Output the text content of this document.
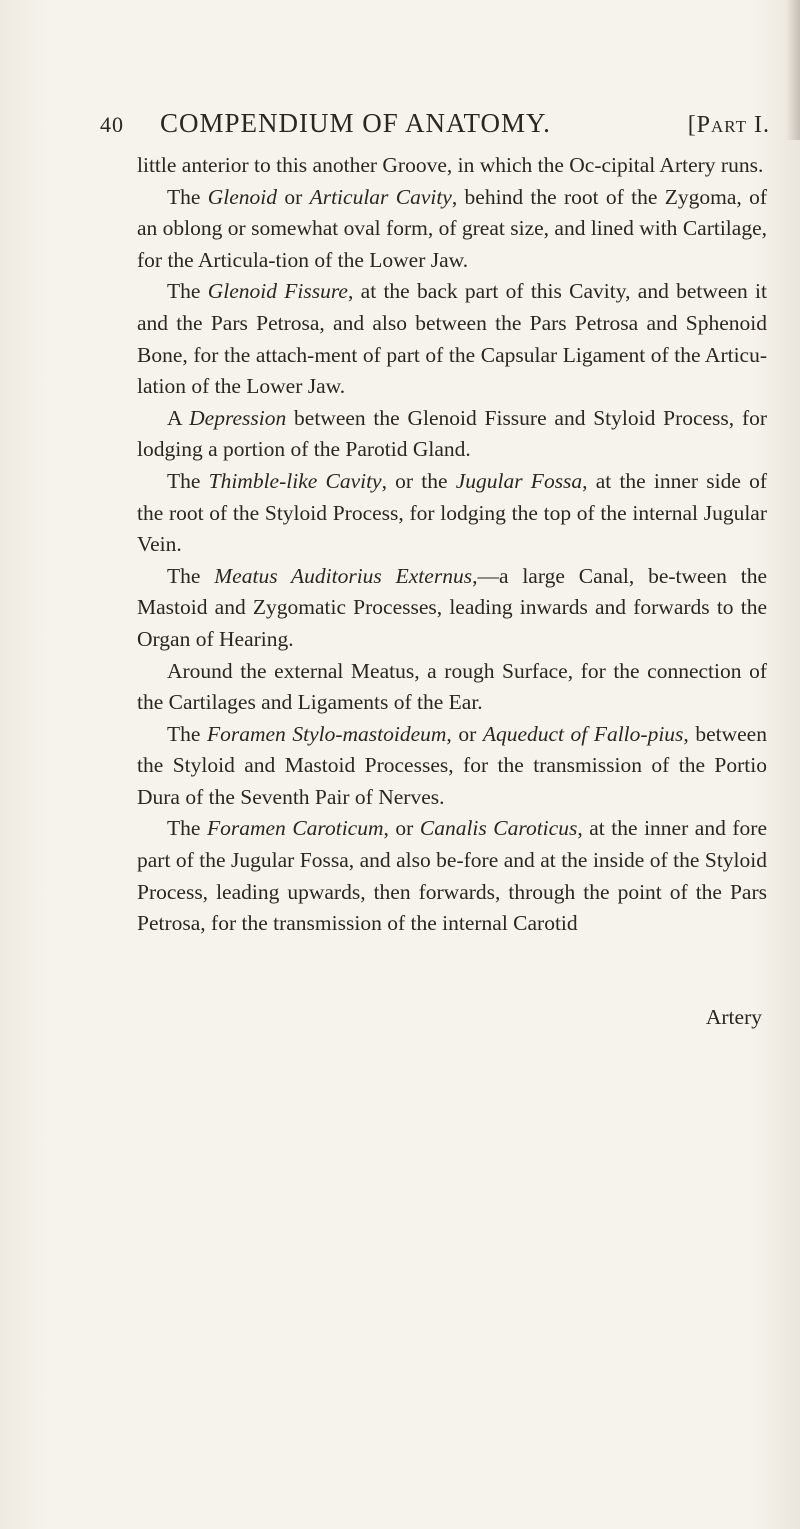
40	COMPENDIUM OF ANATOMY.	[Part I.

little anterior to this another Groove, in which the Oc-cipital Artery runs.

The Glenoid or Articular Cavity, behind the root of the Zygoma, of an oblong or somewhat oval form, of great size, and lined with Cartilage, for the Articula-tion of the Lower Jaw.

The Glenoid Fissure, at the back part of this Cavity, and between it and the Pars Petrosa, and also between the Pars Petrosa and Sphenoid Bone, for the attach-ment of part of the Capsular Ligament of the Articu-lation of the Lower Jaw.

A Depression between the Glenoid Fissure and Styloid Process, for lodging a portion of the Parotid Gland.

The Thimble-like Cavity, or the Jugular Fossa, at the inner side of the root of the Styloid Process, for lodging the top of the internal Jugular Vein.

The Meatus Auditorius Externus,—a large Canal, be-tween the Mastoid and Zygomatic Processes, leading inwards and forwards to the Organ of Hearing.

Around the external Meatus, a rough Surface, for the connection of the Cartilages and Ligaments of the Ear.

The Foramen Stylo-mastoideum, or Aqueduct of Fallo-pius, between the Styloid and Mastoid Processes, for the transmission of the Portio Dura of the Seventh Pair of Nerves.

The Foramen Caroticum, or Canalis Caroticus, at the inner and fore part of the Jugular Fossa, and also be-fore and at the inside of the Styloid Process, leading upwards, then forwards, through the point of the Pars Petrosa, for the transmission of the internal Carotid

Artery
